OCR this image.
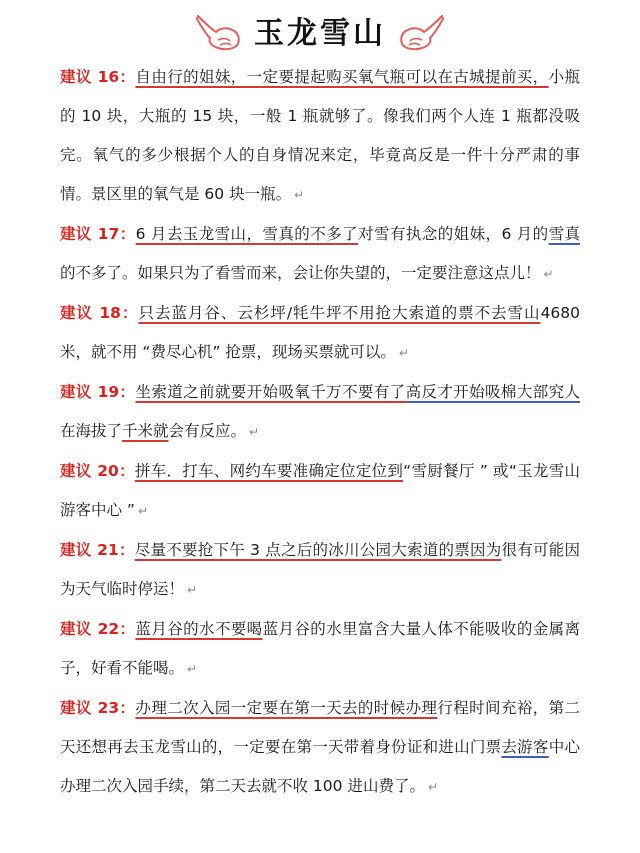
玉龙雪山

建议 16：自由行的姐妹，一定要提起购买氧气瓶可以在古城提前买，小瓶的 10 块，大瓶的 15 块，一般 1 瓶就够了。像我们两个人连 1 瓶都没吸完。氧气的多少根据个人的自身情况来定，毕竟高反是一件十分严肃的事情。景区里的氧气是 60 块一瓶。 ↵

建议 17：6 月去玉龙雪山，雪真的不多了对雪有执念的姐妹，6 月的雪真的不多了。如果只为了看雪而来，会让你失望的，一定要注意这点儿！ ↵

建议 18：只去蓝月谷、云杉坪/牦牛坪不用抢大索道的票不去雪山4680 米，就不用 “费尽心机” 抢票，现场买票就可以。 ↵

建议 19：坐索道之前就要开始吸氧千万不要有了高反才开始吸棉大部究人在海拔了千米就会有反应。 ↵

建议 20：拼车．打车、网约车要准确定位定位到“雪厨餐厅 ” 或“玉龙雪山游客中心 ” ↵

建议 21：尽量不要抢下午 3 点之后的冰川公园大索道的票因为很有可能因为天气临时停运！ ↵

建议 22：蓝月谷的水不要喝蓝月谷的水里富含大量人体不能吸收的金属离子，好看不能喝。 ↵

建议 23：办理二次入园一定要在第一天去的时候办理行程时间充裕，第二天还想再去玉龙雪山的，一定要在第一天带着身份证和进山门票去游客中心办理二次入园手续，第二天去就不收 100 进山费了。 ↵
